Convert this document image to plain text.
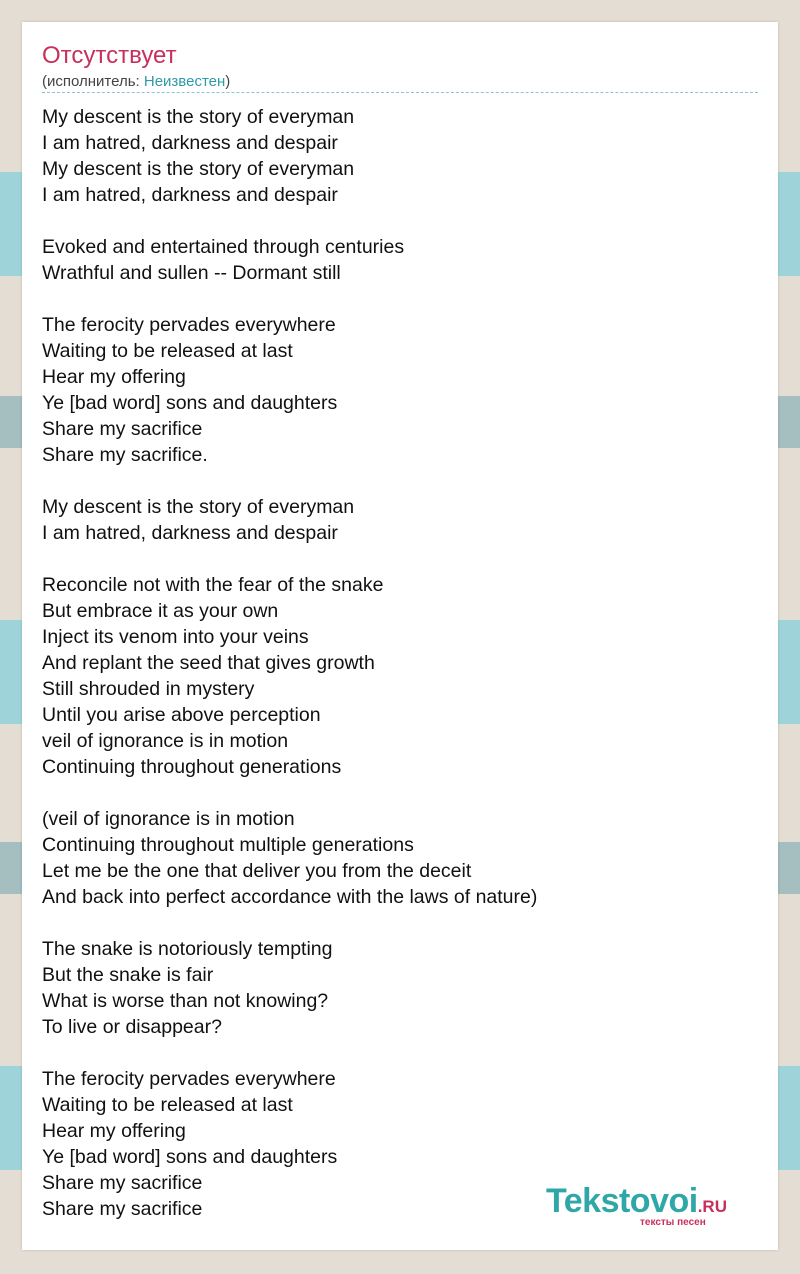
Отсутствует
(исполнитель: Неизвестен)
My descent is the story of everyman
I am hatred, darkness and despair
My descent is the story of everyman
I am hatred, darkness and despair
Evoked and entertained through centuries
Wrathful and sullen -- Dormant still
The ferocity pervades everywhere
Waiting to be released at last
Hear my offering
Ye [bad word] sons and daughters
Share my sacrifice
Share my sacrifice.
My descent is the story of everyman
I am hatred, darkness and despair
Reconcile not with the fear of the snake
But embrace it as your own
Inject its venom into your veins
And replant the seed that gives growth
Still shrouded in mystery
Until you arise above perception
veil of ignorance is in motion
Continuing throughout generations
(veil of ignorance is in motion
Continuing throughout multiple generations
Let me be the one that deliver you from the deceit
And back into perfect accordance with the laws of nature)
The snake is notoriously tempting
But the snake is fair
What is worse than not knowing?
To live or disappear?
The ferocity pervades everywhere
Waiting to be released at last
Hear my offering
Ye [bad word] sons and daughters
Share my sacrifice
Share my sacrifice	Tekstovoi.RU
тексты песен
